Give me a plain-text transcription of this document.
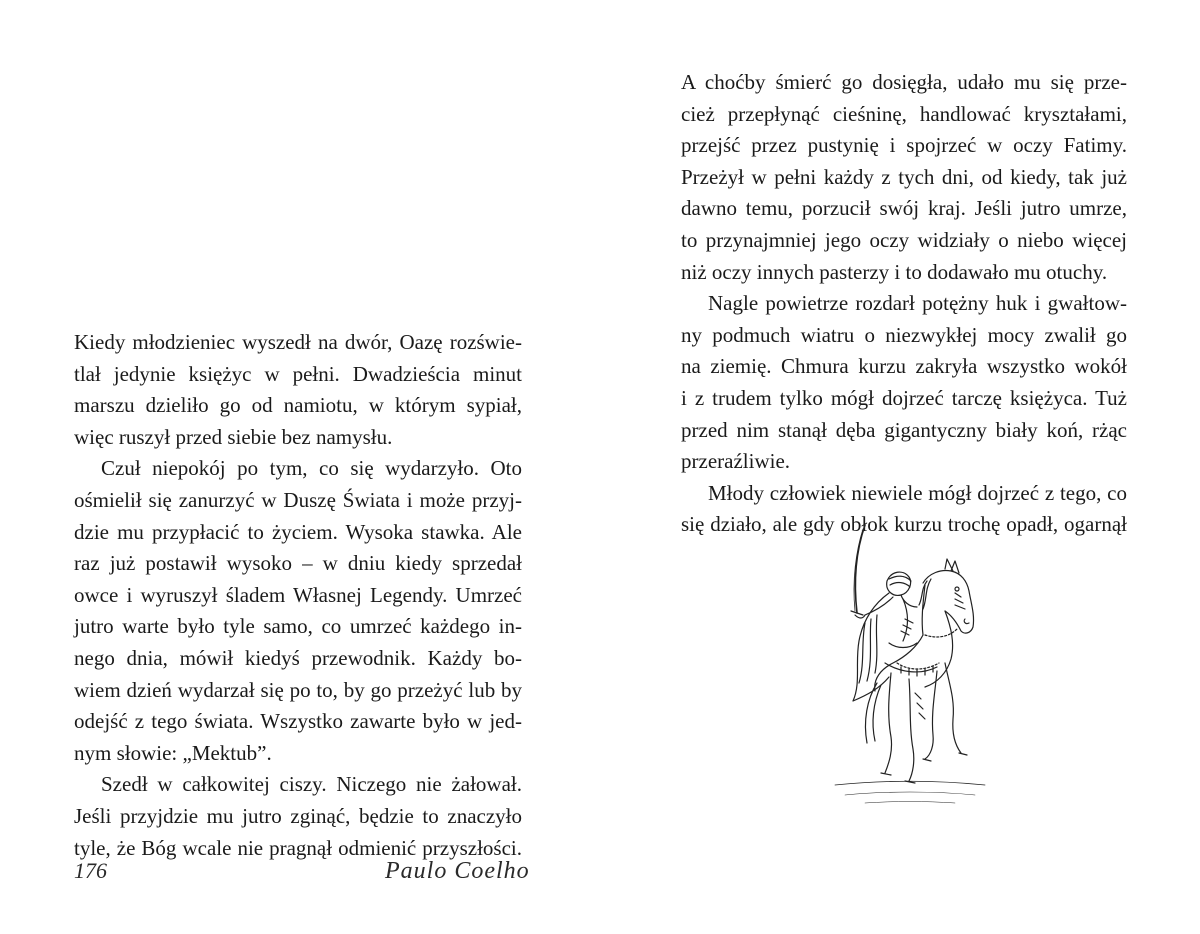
Kiedy młodzieniec wyszedł na dwór, Oazę rozświe-
tlał jedynie księżyc w pełni. Dwadzieścia minut
marszu dzieliło go od namiotu, w którym sypiał,
więc ruszył przed siebie bez namysłu.

Czuł niepokój po tym, co się wydarzyło. Oto
ośmielił się zanurzyć w Duszę Świata i może przyj-
dzie mu przypłacić to życiem. Wysoka stawka. Ale
raz już postawił wysoko – w dniu kiedy sprzedał
owce i wyruszył śladem Własnej Legendy. Umrzeć
jutro warte było tyle samo, co umrzeć każdego in-
nego dnia, mówił kiedyś przewodnik. Każdy bo-
wiem dzień wydarzał się po to, by go przeżyć lub by
odejść z tego świata. Wszystko zawarte było w jed-
nym słowie: „Mektub”.

Szedł w całkowitej ciszy. Niczego nie żałował.
Jeśli przyjdzie mu jutro zginąć, będzie to znaczyło
tyle, że Bóg wcale nie pragnął odmienić przyszłości.

176	Paulo Coelho

A choćby śmierć go dosięgła, udało mu się prze-
cież przepłynąć cieśninę, handlować kryształami,
przejść przez pustynię i spojrzeć w oczy Fatimy.
Przeżył w pełni każdy z tych dni, od kiedy, tak już
dawno temu, porzucił swój kraj. Jeśli jutro umrze,
to przynajmniej jego oczy widziały o niebo więcej
niż oczy innych pasterzy i to dodawało mu otuchy.

Nagle powietrze rozdarł potężny huk i gwałtow-
ny podmuch wiatru o niezwykłej mocy zwalił go
na ziemię. Chmura kurzu zakryła wszystko wokół
i z trudem tylko mógł dojrzeć tarczę księżyca. Tuż
przed nim stanął dęba gigantyczny biały koń, rżąc
przeraźliwie.

Młody człowiek niewiele mógł dojrzeć z tego, co
się działo, ale gdy obłok kurzu trochę opadł, ogarnął
